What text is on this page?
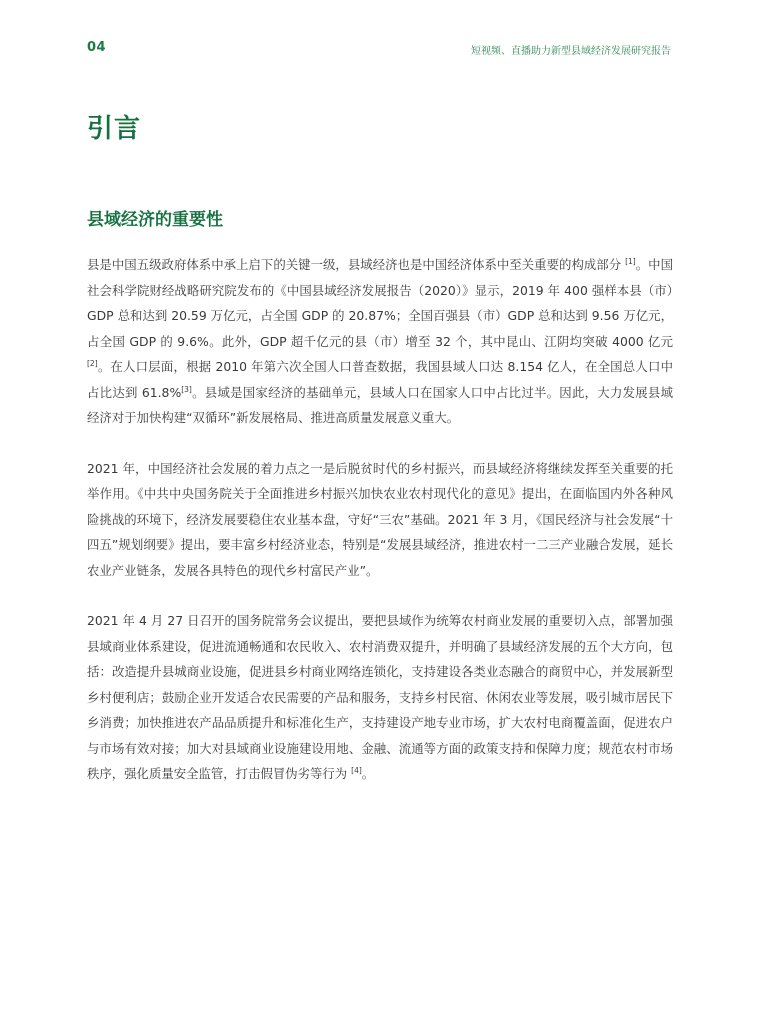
04	短视频、直播助力新型县域经济发展研究报告
引言
县域经济的重要性

县是中国五级政府体系中承上启下的关键一级，县域经济也是中国经济体系中至关重要的构成部分 [1]。中国社会科学院财经战略研究院发布的《中国县域经济发展报告（2020）》显示，2019 年 400 强样本县（市）GDP 总和达到 20.59 万亿元，占全国 GDP 的 20.87%；全国百强县（市）GDP 总和达到 9.56 万亿元，占全国 GDP 的 9.6%。此外，GDP 超千亿元的县（市）增至 32 个，其中昆山、江阴均突破 4000 亿元 [2]。在人口层面，根据 2010 年第六次全国人口普查数据，我国县域人口达 8.154 亿人，在全国总人口中占比达到 61.8%[3]。县域是国家经济的基础单元，县域人口在国家人口中占比过半。因此，大力发展县域经济对于加快构建“双循环”新发展格局、推进高质量发展意义重大。

2021 年，中国经济社会发展的着力点之一是后脱贫时代的乡村振兴，而县域经济将继续发挥至关重要的托举作用。《中共中央国务院关于全面推进乡村振兴加快农业农村现代化的意见》提出，在面临国内外各种风险挑战的环境下，经济发展要稳住农业基本盘，守好“三农”基础。2021 年 3 月，《国民经济与社会发展“十四五”规划纲要》提出，要丰富乡村经济业态，特别是“发展县域经济，推进农村一二三产业融合发展，延长农业产业链条，发展各具特色的现代乡村富民产业”。

2021 年 4 月 27 日召开的国务院常务会议提出，要把县域作为统筹农村商业发展的重要切入点，部署加强县域商业体系建设，促进流通畅通和农民收入、农村消费双提升，并明确了县域经济发展的五个大方向，包括：改造提升县城商业设施，促进县乡村商业网络连锁化，支持建设各类业态融合的商贸中心，并发展新型乡村便利店；鼓励企业开发适合农民需要的产品和服务，支持乡村民宿、休闲农业等发展，吸引城市居民下乡消费；加快推进农产品品质提升和标准化生产，支持建设产地专业市场，扩大农村电商覆盖面，促进农户与市场有效对接；加大对县域商业设施建设用地、金融、流通等方面的政策支持和保障力度；规范农村市场秩序，强化质量安全监管，打击假冒伪劣等行为 [4]。
